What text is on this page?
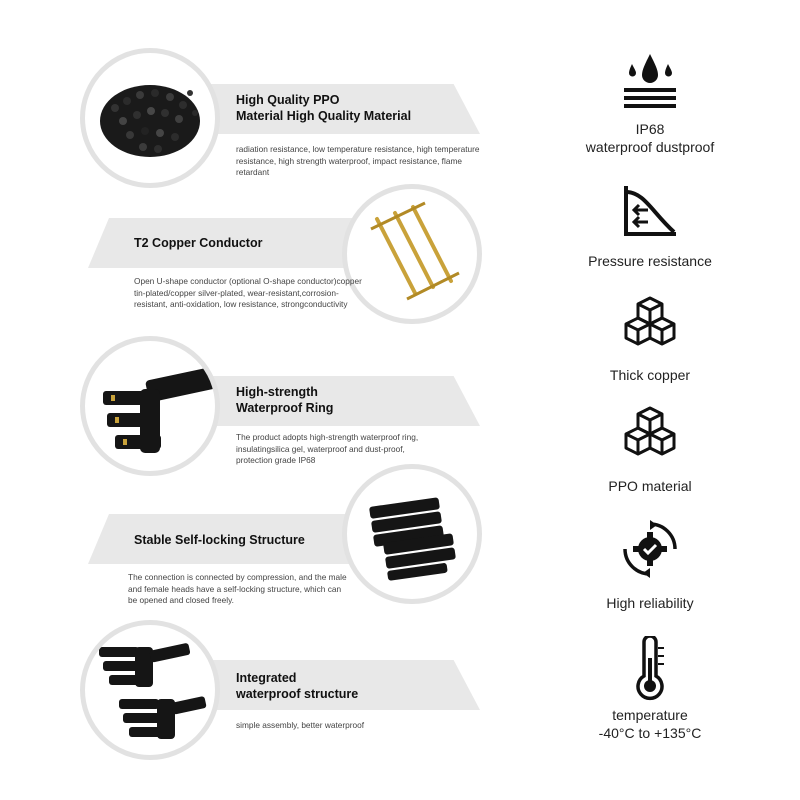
High Quality PPO
Material High Quality Material
radiation resistance, low temperature resistance, high temperature resistance, high strength waterproof, impact resistance, flame retardant
T2 Copper Conductor
Open U-shape conductor (optional O-shape conductor)copper tin-plated/copper silver-plated, wear-resistant,corrosion-resistant, anti-oxidation, low resistance, strongconductivity
High-strength
Waterproof Ring
The product adopts high-strength waterproof ring, insulatingsilica gel, waterproof and dust-proof,
protection grade IP68
Stable Self-locking Structure
The connection is connected by compression, and the male and female heads have a self-locking structure, which can be opened and closed freely.
Integrated
waterproof structure
simple assembly, better waterproof
IP68
waterproof dustproof
Pressure resistance
Thick copper
PPO material
High reliability
temperature
-40°C to +135°C
